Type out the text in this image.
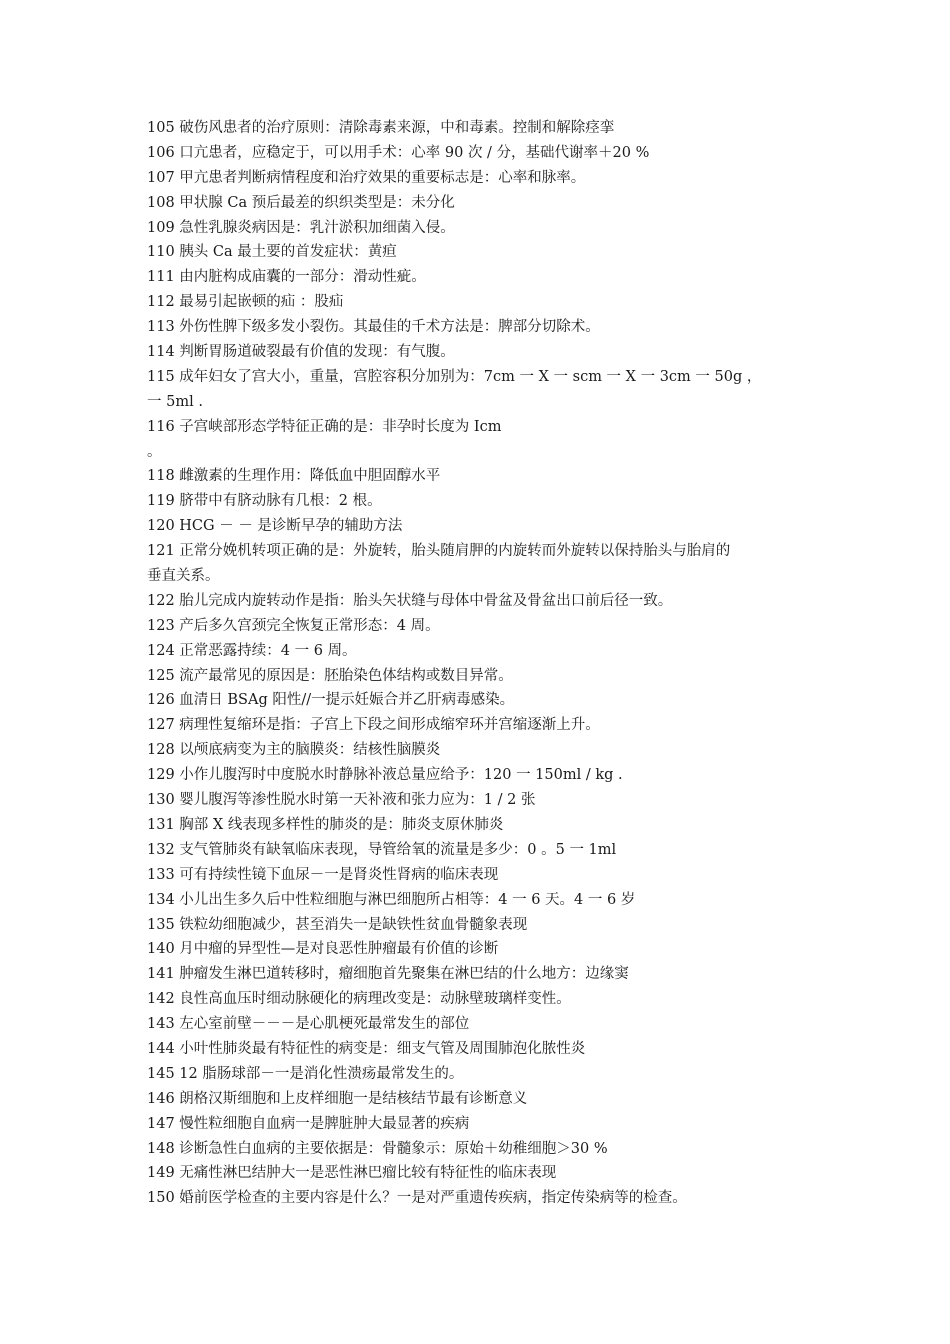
105 破伤风患者的治疗原则：清除毒素来源，中和毒素。控制和解除痉挛
106 口亢患者，应稳定于，可以用手术：心率 90 次 / 分，基础代谢率＋20 %
107 甲亢患者判断病情程度和治疗效果的重要标志是：心率和脉率。
108 甲状腺 Ca 预后最差的织织类型是：未分化
109 急性乳腺炎病因是：乳汁淤积加细菌入侵。
110 胰头 Ca 最土要的首发症状：黄疸
111 由内脏构成庙囊的一部分：滑动性疵。
112 最易引起嵌顿的疝 ：股疝
113 外伤性脾下级多发小裂伤。其最佳的千术方法是：脾部分切除术。
114 判断胃肠道破裂最有价值的发现：有气腹。
115 成年妇女了宫大小，重量，宫腔容积分加别为：7cm 一 X 一 scm 一 X 一 3cm 一 50g ，
一 5ml .
116 子宫峡部形态学特征正确的是：非孕时长度为 Icm
。
118 雌激素的生理作用：降低血中胆固醇水平
119 脐带中有脐动脉有几根：2 根。
120 HCG － － 是诊断早孕的辅助方法
121 正常分娩机转项正确的是：外旋转，胎头随肩胛的内旋转而外旋转以保持胎头与胎肩的
垂直关系。
122 胎儿完成内旋转动作是指：胎头矢状缝与母体中骨盆及骨盆出口前后径一致。
123 产后多久宫颈完全恢复正常形态：4 周。
124 正常恶露持续：4 一 6 周。
125 流产最常见的原因是：胚胎染色体结构或数目异常。
126 血清日 BSAg 阳性//一提示妊娠合并乙肝病毒感染。
127 病理性复缩环是指：子宫上下段之间形成缩窄环并宫缩逐渐上升。
128 以颅底病变为主的脑膜炎：结核性脑膜炎
129 小作儿腹泻时中度脱水时静脉补液总量应给予：120 一 150ml / kg .
130 婴儿腹泻等渗性脱水时第一天补液和张力应为：1 / 2 张
131 胸部 X 线表现多样性的肺炎的是：肺炎支原休肺炎
132 支气管肺炎有缺氧临床表现，导管给氧的流量是多少：0 。5 一 1ml
133 可有持续性镜下血尿－一是肾炎性肾病的临床表现
134 小儿出生多久后中性粒细胞与淋巴细胞所占相等：4 一 6 天。4 一 6 岁
135 铁粒幼细胞减少，甚至消失一是缺铁性贫血骨髓象表现
140 月中瘤的异型性—是对良恶性肿瘤最有价值的诊断
141 肿瘤发生淋巴道转移时，瘤细胞首先聚集在淋巴结的什么地方：边缘窦
142 良性高血压时细动脉硬化的病理改变是：动脉壁玻璃样变性。
143 左心室前壁－－－是心肌梗死最常发生的部位
144 小叶性肺炎最有特征性的病变是：细支气管及周围肺泡化脓性炎
145 12 脂肠球部－一是消化性溃疡最常发生的。
146 朗格汉斯细胞和上皮样细胞一是结核结节最有诊断意义
147 慢性粒细胞自血病一是脾脏肿大最显著的疾病
148 诊断急性白血病的主要依据是：骨髓象示：原始＋幼稚细胞＞30 %
149 无痛性淋巴结肿大一是恶性淋巴瘤比较有特征性的临床表现
150 婚前医学检查的主要内容是什么？一是对严重遗传疾病，指定传染病等的检查。
